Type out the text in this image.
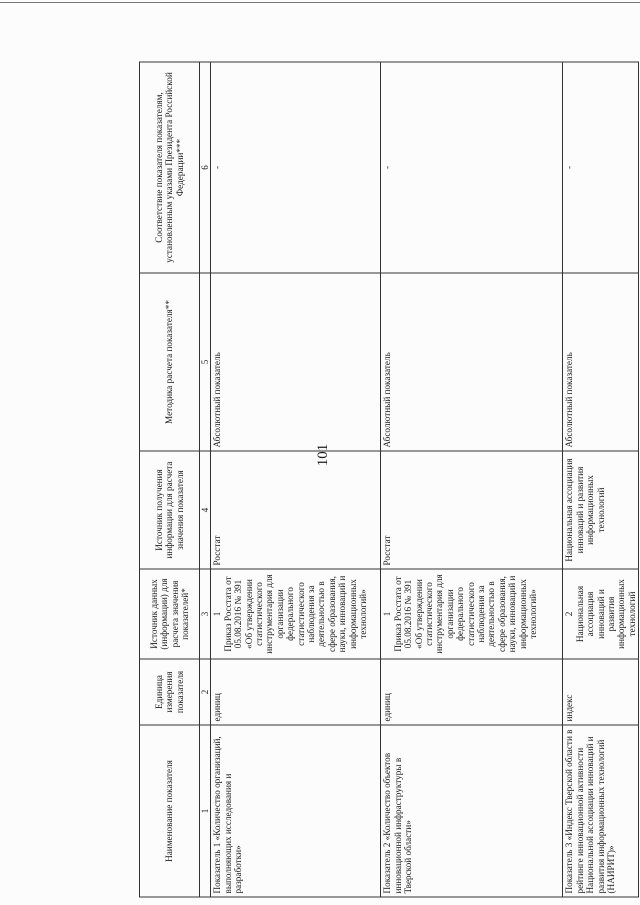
101
Наименование показателя	Единица измерения показателя	Источник данных (информации) для расчета значения показателей*	Источник получения информации для расчета значения показателя	Методика расчета показателя**	Соответствие показателя показателям, установленным указами Президента Российской Федерации***
1	2	3	4	5	6
Показатель 1 «Количество организаций, выполняющих исследования и разработки»	единиц	1 Приказ Росстата от 05.08.2016 № 391 «Об утверждении статистического инструментария для организации федерального статистического наблюдения за деятельностью в сфере образования, науки, инноваций и информационных технологий»	Росстат	Абсолютный показатель	-
Показатель 2 «Количество объектов инновационной инфраструктуры в Тверской области»	единиц	1 Приказ Росстата от 05.08.2016 № 391 «Об утверждении статистического инструментария для организации федерального статистического наблюдения за деятельностью в сфере образования, науки, инноваций и информационных технологий»	Росстат	Абсолютный показатель	-
Показатель 3 «Индекс Тверской области в рейтинге инновационной активности Национальной ассоциации инноваций и развития информационных технологий (НАИРИТ)»	индекс	2 Национальная ассоциация инноваций и развития информационных технологий	Национальная ассоциация инноваций и развития информационных технологий	Абсолютный показатель	-
